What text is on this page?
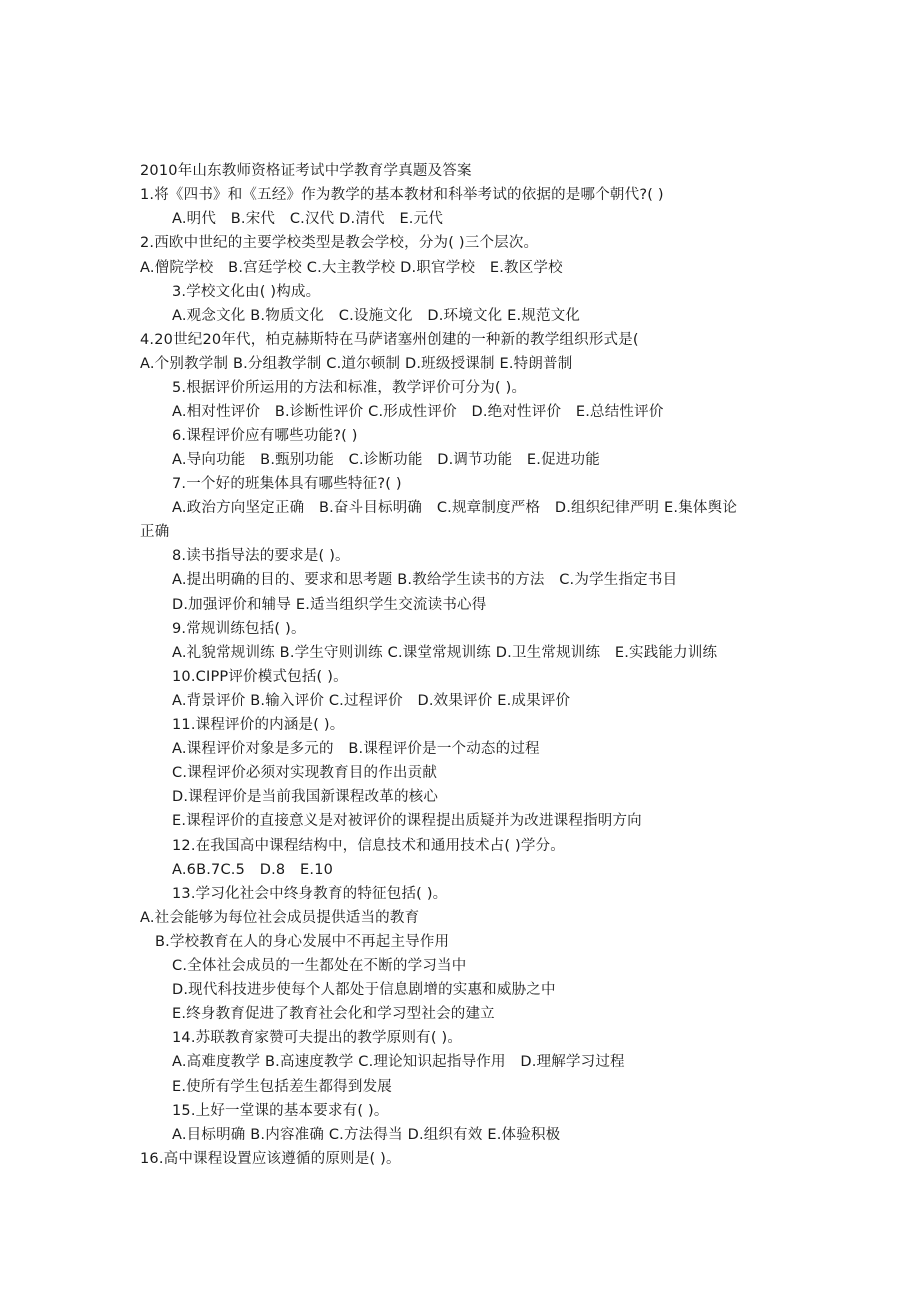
2010年山东教师资格证考试中学教育学真题及答案
1.将《四书》和《五经》作为教学的基本教材和科举考试的依据的是哪个朝代?( )
A.明代　B.宋代　C.汉代 D.清代　E.元代
2.西欧中世纪的主要学校类型是教会学校，分为( )三个层次。
A.僧院学校　B.宫廷学校 C.大主教学校 D.职官学校　E.教区学校
3.学校文化由( )构成。
A.观念文化 B.物质文化　C.设施文化　D.环境文化 E.规范文化
4.20世纪20年代，柏克赫斯特在马萨诸塞州创建的一种新的教学组织形式是(
A.个别教学制 B.分组教学制 C.道尔顿制 D.班级授课制 E.特朗普制
5.根据评价所运用的方法和标准，教学评价可分为( )。
A.相对性评价　B.诊断性评价 C.形成性评价　D.绝对性评价　E.总结性评价
6.课程评价应有哪些功能?( )
A.导向功能　B.甄别功能　C.诊断功能　D.调节功能　E.促进功能
7.一个好的班集体具有哪些特征?( )
A.政治方向坚定正确　B.奋斗目标明确　C.规章制度严格　D.组织纪律严明 E.集体舆论
正确
8.读书指导法的要求是( )。
A.提出明确的目的、要求和思考题 B.教给学生读书的方法　C.为学生指定书目
D.加强评价和辅导 E.适当组织学生交流读书心得
9.常规训练包括( )。
A.礼貌常规训练 B.学生守则训练 C.课堂常规训练 D.卫生常规训练　E.实践能力训练
10.CIPP评价模式包括( )。
A.背景评价 B.输入评价 C.过程评价　D.效果评价 E.成果评价
11.课程评价的内涵是( )。
A.课程评价对象是多元的　B.课程评价是一个动态的过程
C.课程评价必须对实现教育目的作出贡献
D.课程评价是当前我国新课程改革的核心
E.课程评价的直接意义是对被评价的课程提出质疑并为改进课程指明方向
12.在我国高中课程结构中，信息技术和通用技术占( )学分。
A.6B.7C.5　D.8　E.10
13.学习化社会中终身教育的特征包括( )。
A.社会能够为每位社会成员提供适当的教育
B.学校教育在人的身心发展中不再起主导作用
C.全体社会成员的一生都处在不断的学习当中
D.现代科技进步使每个人都处于信息剧增的实惠和威胁之中
E.终身教育促进了教育社会化和学习型社会的建立
14.苏联教育家赞可夫提出的教学原则有( )。
A.高难度教学 B.高速度教学 C.理论知识起指导作用　D.理解学习过程
E.使所有学生包括差生都得到发展
15.上好一堂课的基本要求有( )。
A.目标明确 B.内容准确 C.方法得当 D.组织有效 E.体验积极
16.高中课程设置应该遵循的原则是( )。
